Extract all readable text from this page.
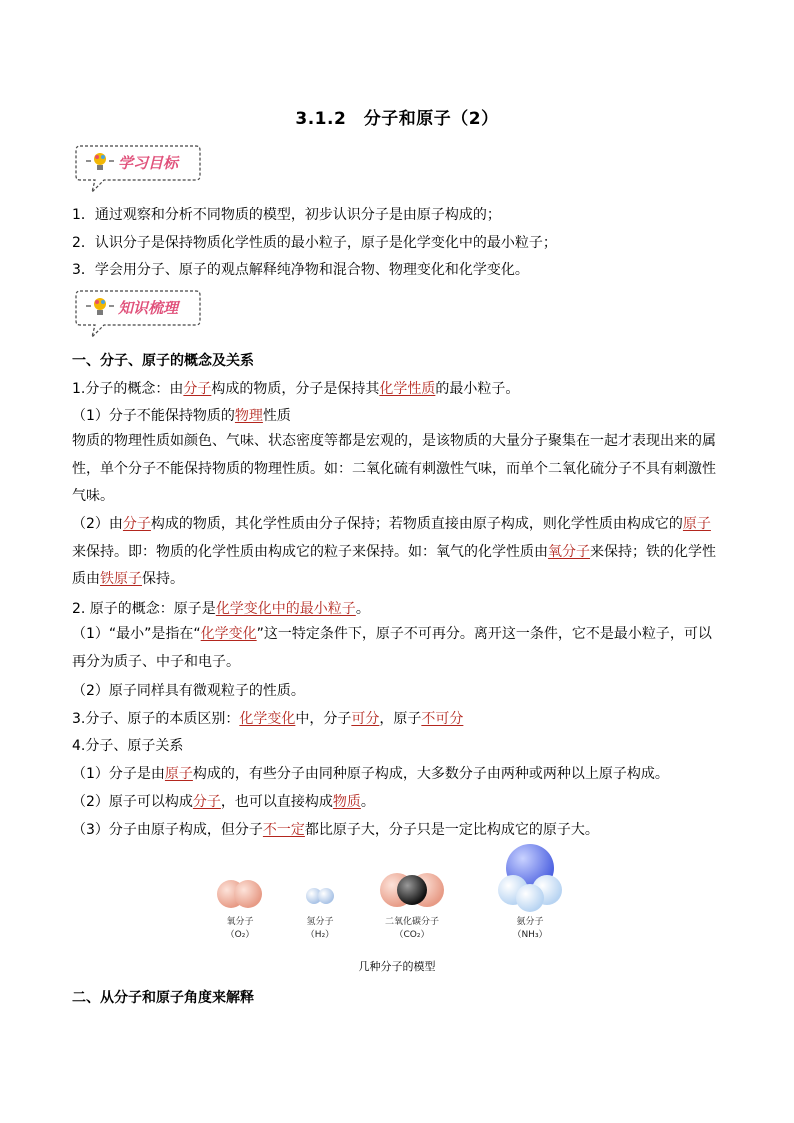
3.1.2　分子和原子（2）
学习目标
1．通过观察和分析不同物质的模型，初步认识分子是由原子构成的；
2．认识分子是保持物质化学性质的最小粒子，原子是化学变化中的最小粒子；
3．学会用分子、原子的观点解释纯净物和混合物、物理变化和化学变化。
知识梳理
一、分子、原子的概念及关系
1.分子的概念：由分子构成的物质，分子是保持其化学性质的最小粒子。
（1）分子不能保持物质的物理性质
物质的物理性质如颜色、气味、状态密度等都是宏观的，是该物质的大量分子聚集在一起才表现出来的属性，单个分子不能保持物质的物理性质。如：二氧化硫有刺激性气味，而单个二氧化硫分子不具有刺激性气味。
（2）由分子构成的物质，其化学性质由分子保持；若物质直接由原子构成，则化学性质由构成它的原子来保持。即：物质的化学性质由构成它的粒子来保持。如：氧气的化学性质由氧分子来保持；铁的化学性质由铁原子保持。
2. 原子的概念：原子是化学变化中的最小粒子。
（1）“最小”是指在“化学变化”这一特定条件下，原子不可再分。离开这一条件，它不是最小粒子，可以再分为质子、中子和电子。
（2）原子同样具有微观粒子的性质。
3.分子、原子的本质区别：化学变化中，分子可分，原子不可分
4.分子、原子关系
（1）分子是由原子构成的，有些分子由同种原子构成，大多数分子由两种或两种以上原子构成。
（2）原子可以构成分子，也可以直接构成物质。
（3）分子由原子构成，但分子不一定都比原子大，分子只是一定比构成它的原子大。
氧分子
（O₂）
氢分子
（H₂）
二氧化碳分子
（CO₂）
氨分子
（NH₃）
几种分子的模型
二、从分子和原子角度来解释
